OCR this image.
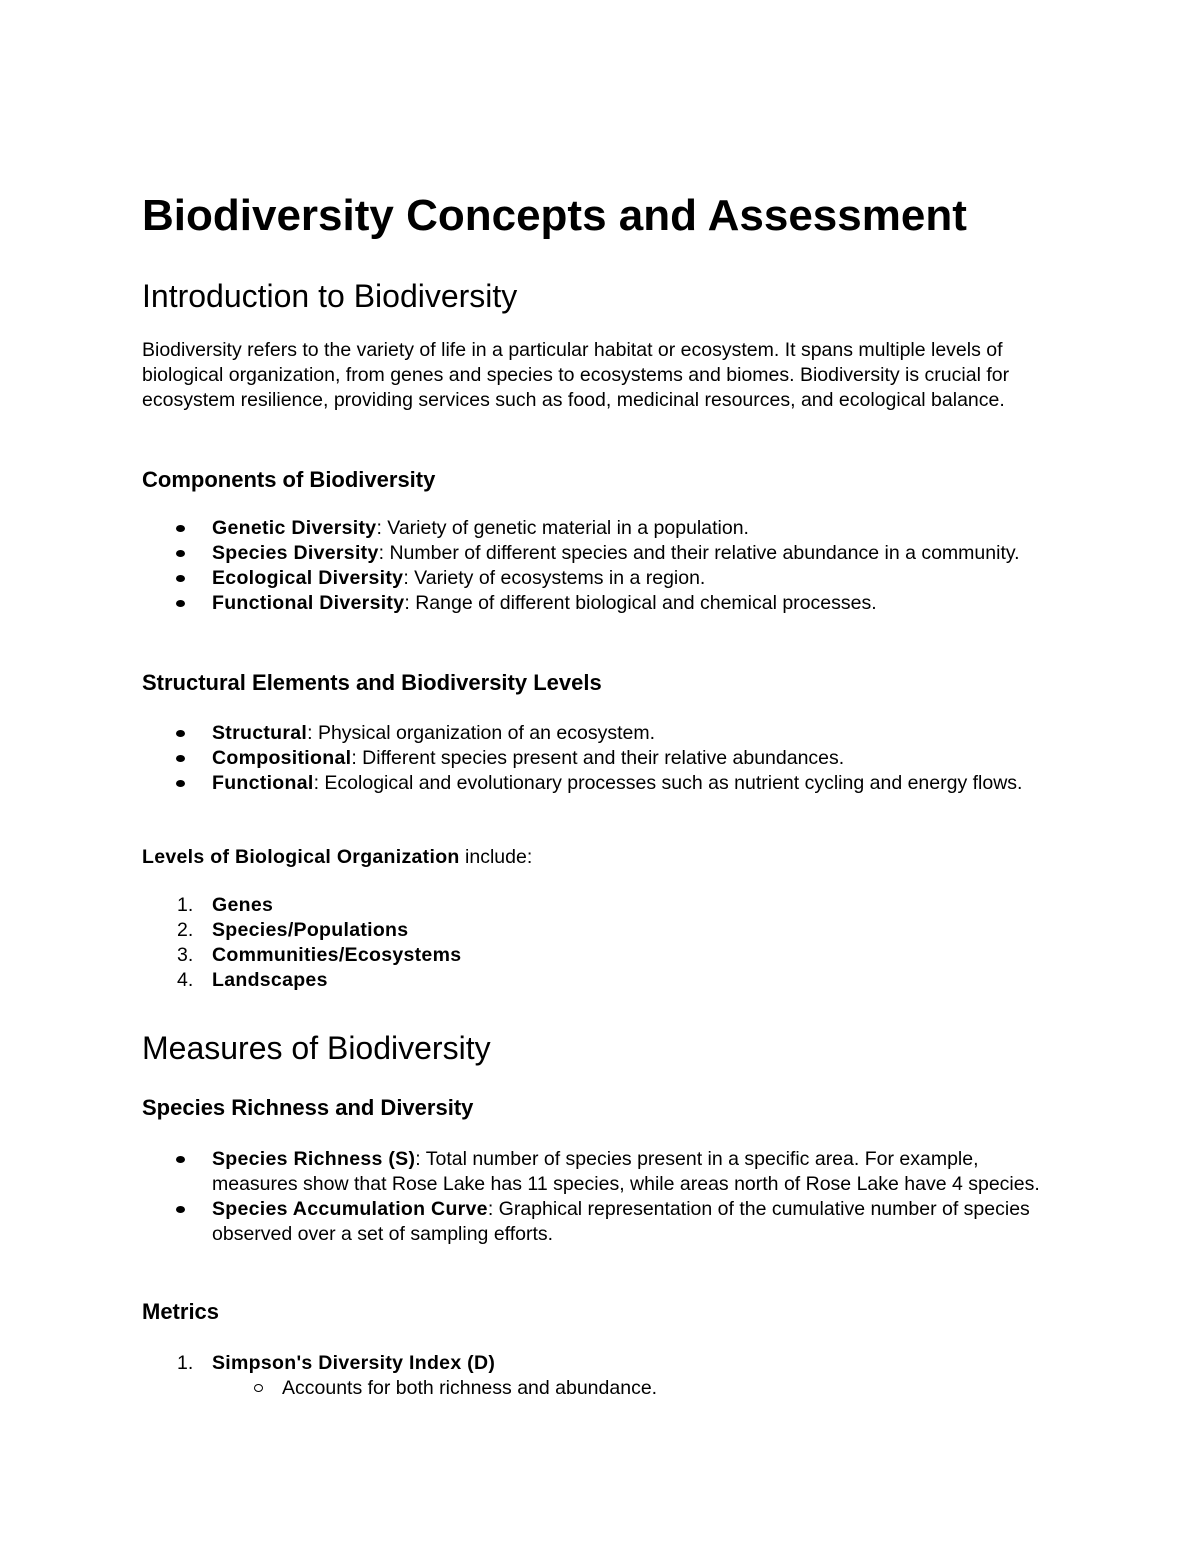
Biodiversity Concepts and Assessment
Introduction to Biodiversity

Biodiversity refers to the variety of life in a particular habitat or ecosystem. It spans multiple levels of biological organization, from genes and species to ecosystems and biomes. Biodiversity is crucial for ecosystem resilience, providing services such as food, medicinal resources, and ecological balance.

Components of Biodiversity
Genetic Diversity: Variety of genetic material in a population.
Species Diversity: Number of different species and their relative abundance in a community.
Ecological Diversity: Variety of ecosystems in a region.
Functional Diversity: Range of different biological and chemical processes.
Structural Elements and Biodiversity Levels
Structural: Physical organization of an ecosystem.
Compositional: Different species present and their relative abundances.
Functional: Ecological and evolutionary processes such as nutrient cycling and energy flows.

Levels of Biological Organization include:

1. Genes
2. Species/Populations
3. Communities/Ecosystems
4. Landscapes
Measures of Biodiversity
Species Richness and Diversity
Species Richness (S): Total number of species present in a specific area. For example, measures show that Rose Lake has 11 species, while areas north of Rose Lake have 4 species.
Species Accumulation Curve: Graphical representation of the cumulative number of species observed over a set of sampling efforts.
Metrics
1. Simpson's Diversity Index (D)
Accounts for both richness and abundance.
